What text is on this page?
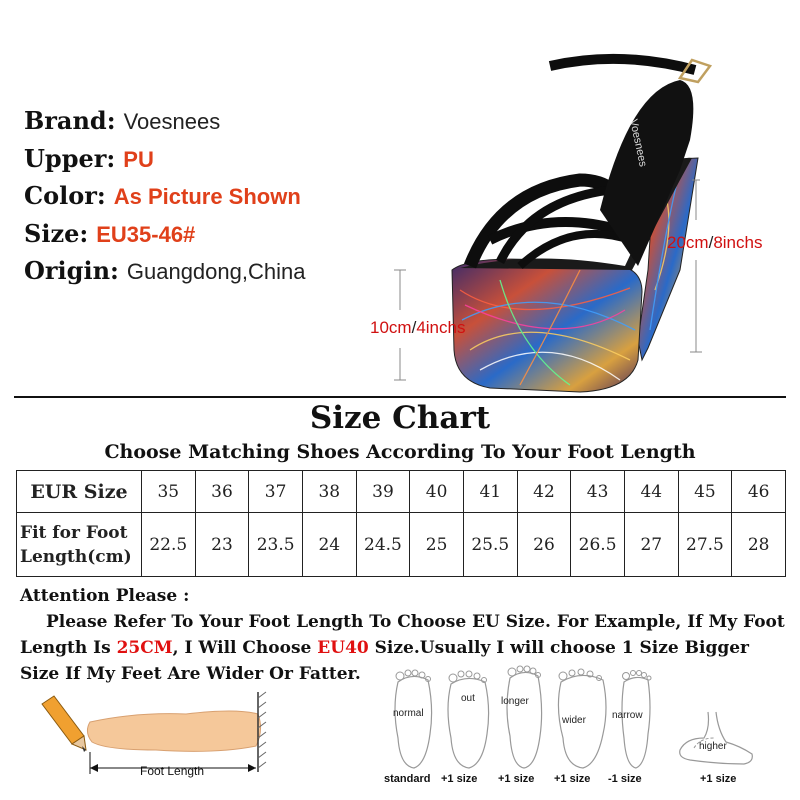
Brand: Voesnees
Upper: PU
Color: As Picture Shown
Size: EU35-46#
Origin: Guangdong,China
Voesnees
20cm/8inchs
10cm/4inchs
Size Chart
Choose Matching Shoes According To Your Foot Length
EUR Size	35	36	37	38	39	40	41	42	43	44	45	46

Fit for Foot
Length(cm)	22.5	23	23.5	24	24.5	25	25.5	26	26.5	27	27.5	28
Attention Please :
Please Refer To Your Foot Length To Choose EU Size. For Example, If My Foot Length Is 25CM, I Will Choose EU40 Size.Usually I will choose 1 Size Bigger Size If My Feet Are Wider Or Fatter.
Foot Length
normal
standard
out
+1 size
longer
+1 size
wider
+1 size
narrow
-1 size
higher
+1 size
